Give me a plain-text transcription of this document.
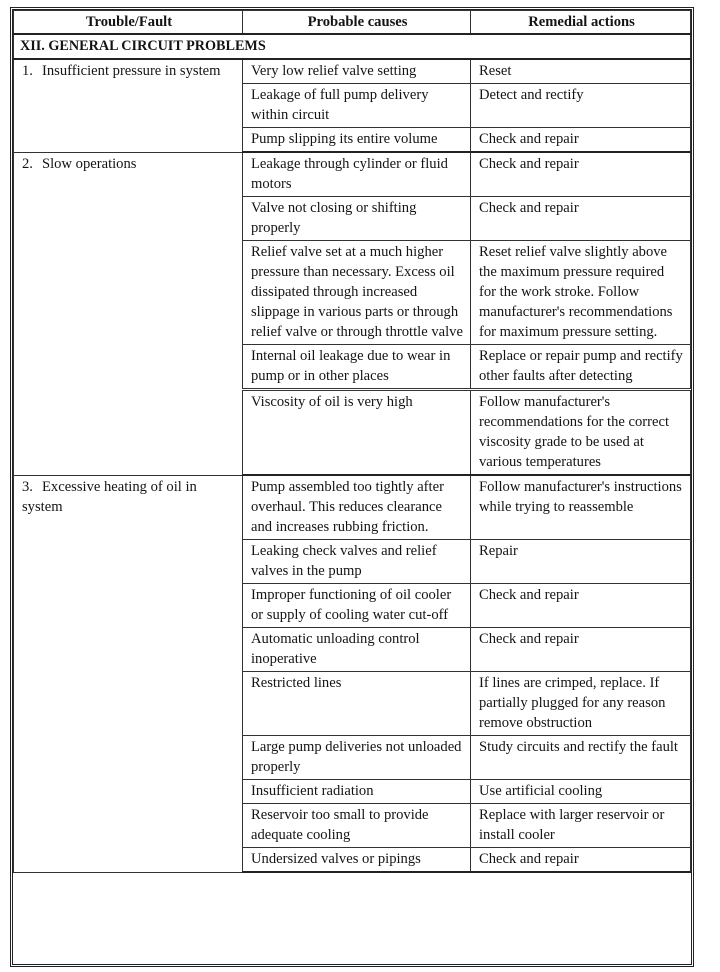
Trouble/Fault	Probable causes	Remedial actions
XII. GENERAL CIRCUIT PROBLEMS		
1. Insufficient pressure in system	Very low relief valve setting	Reset
	Leakage of full pump delivery within circuit	Detect and rectify
	Pump slipping its entire volume	Check and repair
2. Slow operations	Leakage through cylinder or fluid motors	Check and repair
	Valve not closing or shifting properly	Check and repair
	Relief valve set at a much higher pressure than necessary. Excess oil dissipated through increased slippage in various parts or through relief valve or through throttle valve	Reset relief valve slightly above the maximum pressure required for the work stroke. Follow manufacturer's recommendations for maximum pressure setting.
	Internal oil leakage due to wear in pump or in other places	Replace or repair pump and rectify other faults after detecting
	Viscosity of oil is very high	Follow manufacturer's recommendations for the correct viscosity grade to be used at various temperatures
3. Excessive heating of oil in system	Pump assembled too tightly after overhaul. This reduces clearance and increases rubbing friction.	Follow manufacturer's instructions while trying to reassemble
	Leaking check valves and relief valves in the pump	Repair
	Improper functioning of oil cooler or supply of cooling water cut-off	Check and repair
	Automatic unloading control inoperative	Check and repair
	Restricted lines	If lines are crimped, replace. If partially plugged for any reason remove obstruction
	Large pump deliveries not unloaded properly	Study circuits and rectify the fault
	Insufficient radiation	Use artificial cooling
	Reservoir too small to provide adequate cooling	Replace with larger reservoir or install cooler
	Undersized valves or pipings	Check and repair
